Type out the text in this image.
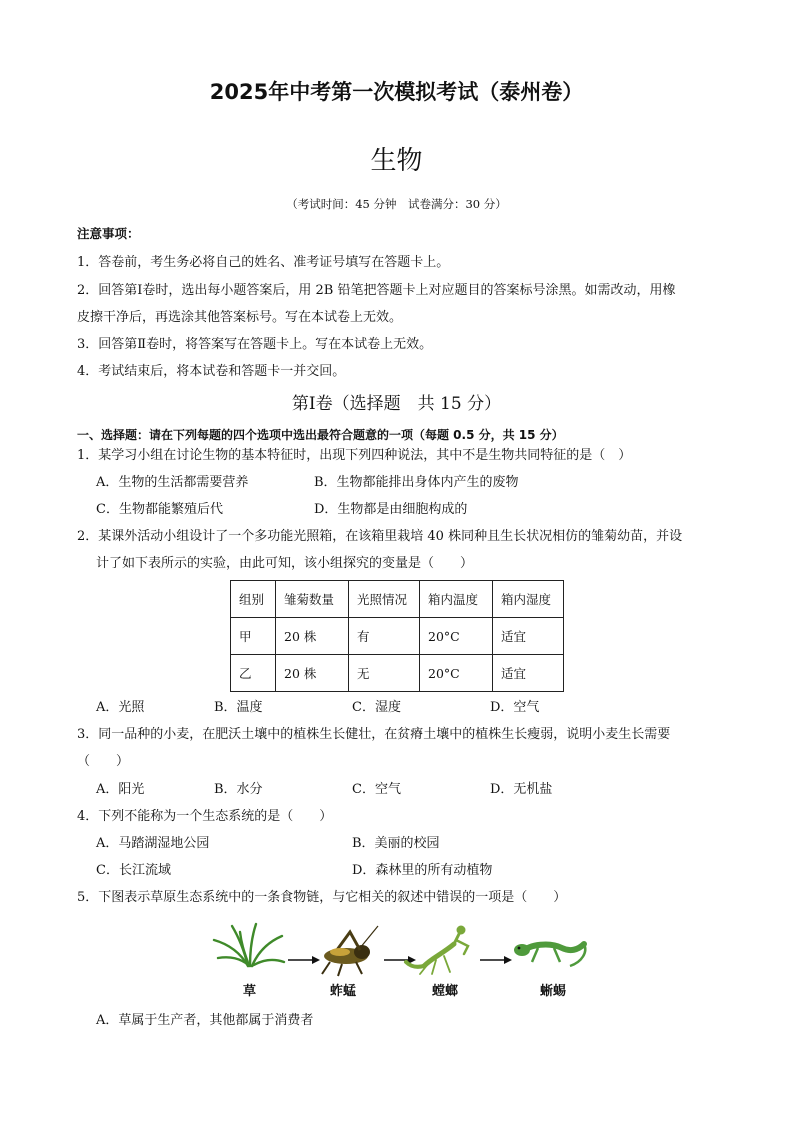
2025年中考第一次模拟考试（泰州卷）
生物
（考试时间：45 分钟　试卷满分：30 分）
注意事项：
1．答卷前，考生务必将自己的姓名、准考证号填写在答题卡上。
2．回答第Ⅰ卷时，选出每小题答案后，用 2B 铅笔把答题卡上对应题目的答案标号涂黑。如需改动，用橡
皮擦干净后，再选涂其他答案标号。写在本试卷上无效。
3．回答第Ⅱ卷时，将答案写在答题卡上。写在本试卷上无效。
4．考试结束后，将本试卷和答题卡一并交回。
第Ⅰ卷（选择题　共 15 分）
一、选择题：请在下列每题的四个选项中选出最符合题意的一项（每题 0.5 分，共 15 分）
1．某学习小组在讨论生物的基本特征时，出现下列四种说法，其中不是生物共同特征的是（　）
A．生物的生活都需要营养	B．生物都能排出身体内产生的废物
C．生物都能繁殖后代	D．生物都是由细胞构成的
2．某课外活动小组设计了一个多功能光照箱，在该箱里栽培 40 株同种且生长状况相仿的雏菊幼苗，并设
计了如下表所示的实验，由此可知，该小组探究的变量是（　　）
组别	雏菊数量	光照情况	箱内温度	箱内湿度
甲	20 株	有	20°C	适宜
乙	20 株	无	20°C	适宜
A．光照	B．温度	C．湿度	D．空气
3．同一品种的小麦，在肥沃土壤中的植株生长健壮，在贫瘠土壤中的植株生长瘦弱，说明小麦生长需要
（　　）
A．阳光	B．水分	C．空气	D．无机盐
4．下列不能称为一个生态系统的是（　　）
A．马踏湖湿地公园	B．美丽的校园
C．长江流域	D．森林里的所有动植物
5．下图表示草原生态系统中的一条食物链，与它相关的叙述中错误的一项是（　　）
草	蚱蜢	螳螂	蜥蜴
A．草属于生产者，其他都属于消费者
